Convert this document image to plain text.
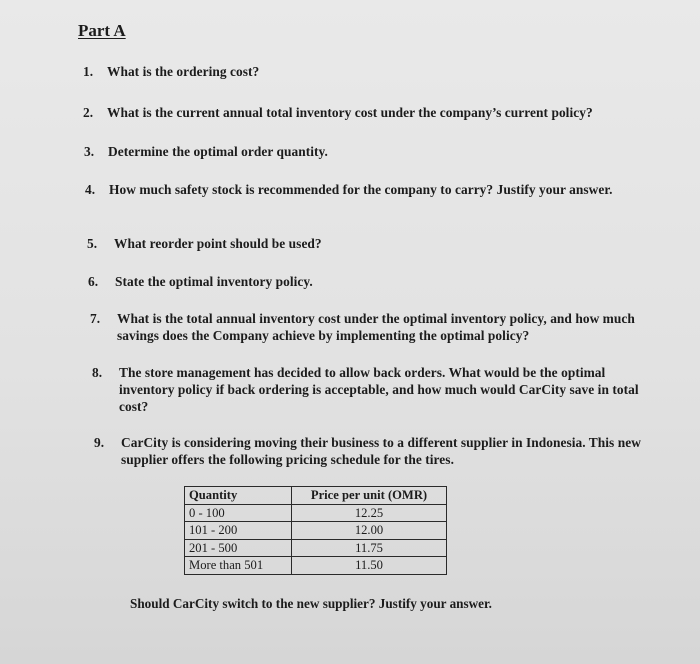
Part A
1. What is the ordering cost?
2. What is the current annual total inventory cost under the company’s current policy?
3. Determine the optimal order quantity.
4. How much safety stock is recommended for the company to carry? Justify your answer.
5. What reorder point should be used?
6. State the optimal inventory policy.
7. What is the total annual inventory cost under the optimal inventory policy, and how much savings does the Company achieve by implementing the optimal policy?
8. The store management has decided to allow back orders. What would be the optimal inventory policy if back ordering is acceptable, and how much would CarCity save in total cost?
9. CarCity is considering moving their business to a different supplier in Indonesia. This new supplier offers the following pricing schedule for the tires.
Quantity	Price per unit (OMR)
0 - 100	12.25
101 - 200	12.00
201 - 500	11.75
More than 501	11.50
Should CarCity switch to the new supplier? Justify your answer.
